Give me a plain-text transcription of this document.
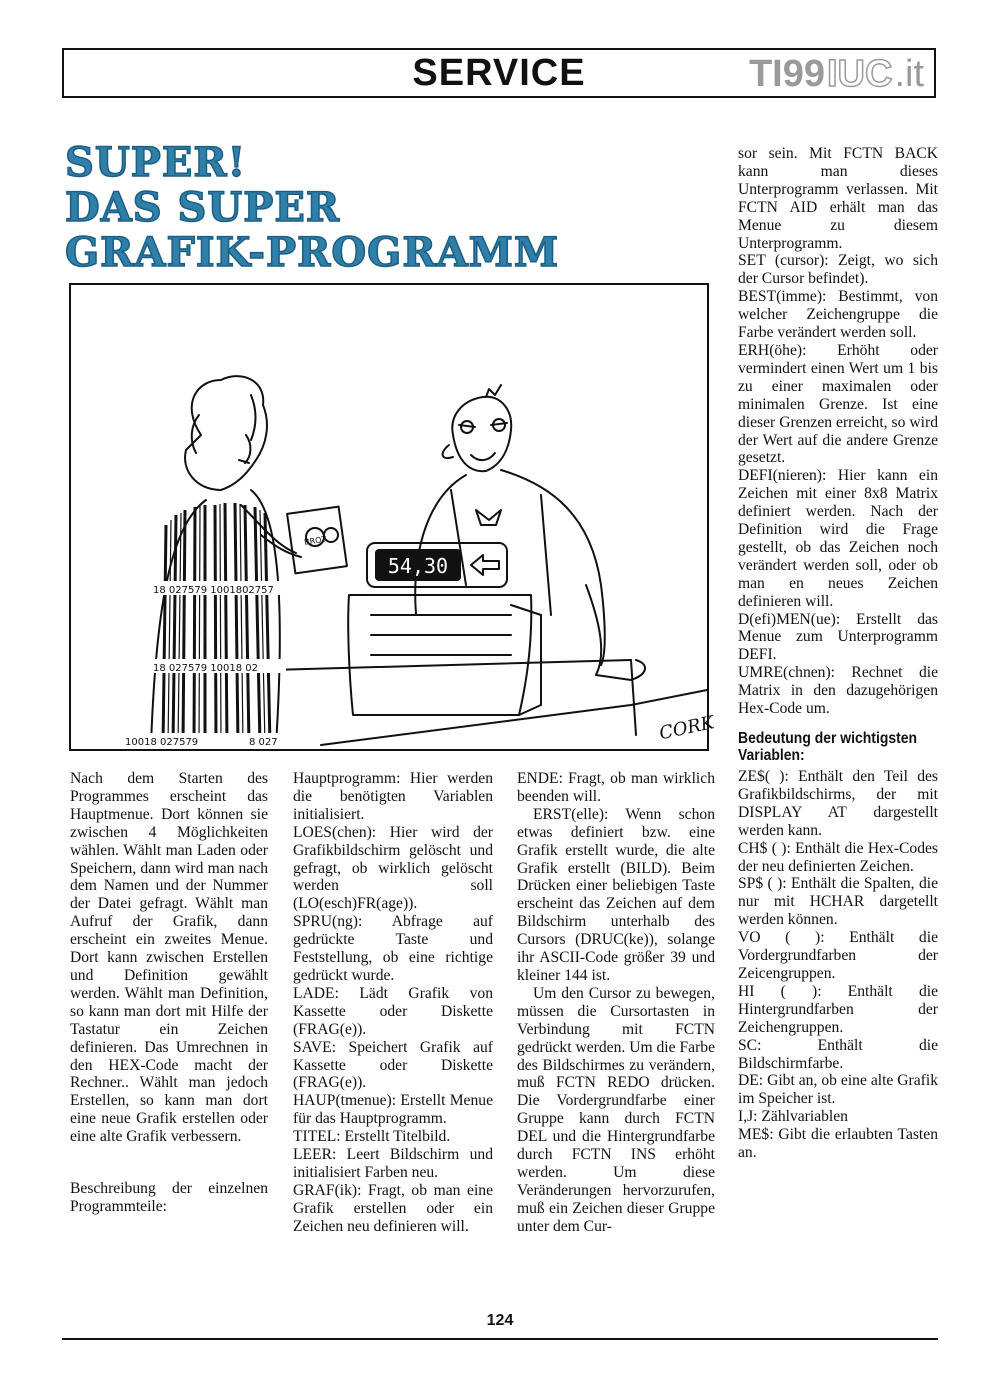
SERVICE	TI99 IUC .it
SUPER!
DAS SUPER
GRAFIK-PROGRAMM
54,30
18 027579 1001802757
18 027579 10018 02
10018 027579	8 027
BROT
CORK

Nach dem Starten des Programmes erscheint das Hauptmenue. Dort können sie zwischen 4 Möglichkeiten wählen. Wählt man Laden oder Speichern, dann wird man nach dem Namen und der Nummer der Datei gefragt. Wählt man Aufruf der Grafik, dann erscheint ein zweites Menue. Dort kann zwischen Erstellen und Definition gewählt werden. Wählt man Definition, so kann man dort mit Hilfe der Tastatur ein Zeichen definieren. Das Umrechnen in den HEX-Code macht der Rechner.. Wählt man jedoch Erstellen, so kann man dort eine neue Grafik erstellen oder eine alte Grafik verbessern.

Beschreibung der einzelnen Programmteile:

Hauptprogramm: Hier werden die benötigten Variablen initialisiert.

LOES(chen): Hier wird der Grafikbildschirm gelöscht und gefragt, ob wirklich gelöscht werden soll (LO(esch)FR(age)).

SPRU(ng): Abfrage auf gedrückte Taste und Feststellung, ob eine richtige gedrückt wurde.

LADE: Lädt Grafik von Kassette oder Diskette (FRAG(e)).

SAVE: Speichert Grafik auf Kassette oder Diskette (FRAG(e)).

HAUP(tmenue): Erstellt Menue für das Hauptprogramm.

TITEL: Erstellt Titelbild.

LEER: Leert Bildschirm und initialisiert Farben neu.

GRAF(ik): Fragt, ob man eine Grafik erstellen oder ein Zeichen neu definieren will.

ENDE: Fragt, ob man wirklich beenden will.

ERST(elle): Wenn schon etwas definiert bzw. eine Grafik erstellt wurde, die alte Grafik erstellt (BILD). Beim Drücken einer beliebigen Taste erscheint das Zeichen auf dem Bildschirm unterhalb des Cursors (DRUC(ke)), solange ihr ASCII-Code größer 39 und kleiner 144 ist.

Um den Cursor zu bewegen, müssen die Cursortasten in Verbindung mit FCTN gedrückt werden. Um die Farbe des Bildschirmes zu verändern, muß FCTN REDO drücken. Die Vordergrundfarbe einer Gruppe kann durch FCTN DEL und die Hintergrundfarbe durch FCTN INS erhöht werden. Um diese Veränderungen hervorzurufen, muß ein Zeichen dieser Gruppe unter dem Cur-

sor sein. Mit FCTN BACK kann man dieses Unterprogramm verlassen. Mit FCTN AID erhält man das Menue zu diesem Unterprogramm.

SET (cursor): Zeigt, wo sich der Cursor befindet).

BEST(imme): Bestimmt, von welcher Zeichengruppe die Farbe verändert werden soll.

ERH(öhe): Erhöht oder vermindert einen Wert um 1 bis zu einer maximalen oder minimalen Grenze. Ist eine dieser Grenzen erreicht, so wird der Wert auf die andere Grenze gesetzt.

DEFI(nieren): Hier kann ein Zeichen mit einer 8x8 Matrix definiert werden. Nach der Definition wird die Frage gestellt, ob das Zeichen noch verändert werden soll, oder ob man en neues Zeichen definieren will.

D(efi)MEN(ue): Erstellt das Menue zum Unterprogramm DEFI.

UMRE(chnen): Rechnet die Matrix in den dazugehörigen Hex-Code um.

Bedeutung der wichtigsten Variablen:

ZE$( ): Enthält den Teil des Grafikbildschirms, der mit DISPLAY AT dargestellt werden kann.

CH$ ( ): Enthält die Hex-Codes der neu definierten Zeichen.

SP$ ( ): Enthält die Spalten, die nur mit HCHAR dargetellt werden können.

VO ( ): Enthält die Vordergrundfarben der Zeicengruppen.

HI ( ): Enthält die Hintergrundfarben der Zeichengruppen.

SC: Enthält die Bildschirmfarbe.

DE: Gibt an, ob eine alte Grafik im Speicher ist.

I,J: Zählvariablen

ME$: Gibt die erlaubten Tasten an.

124
